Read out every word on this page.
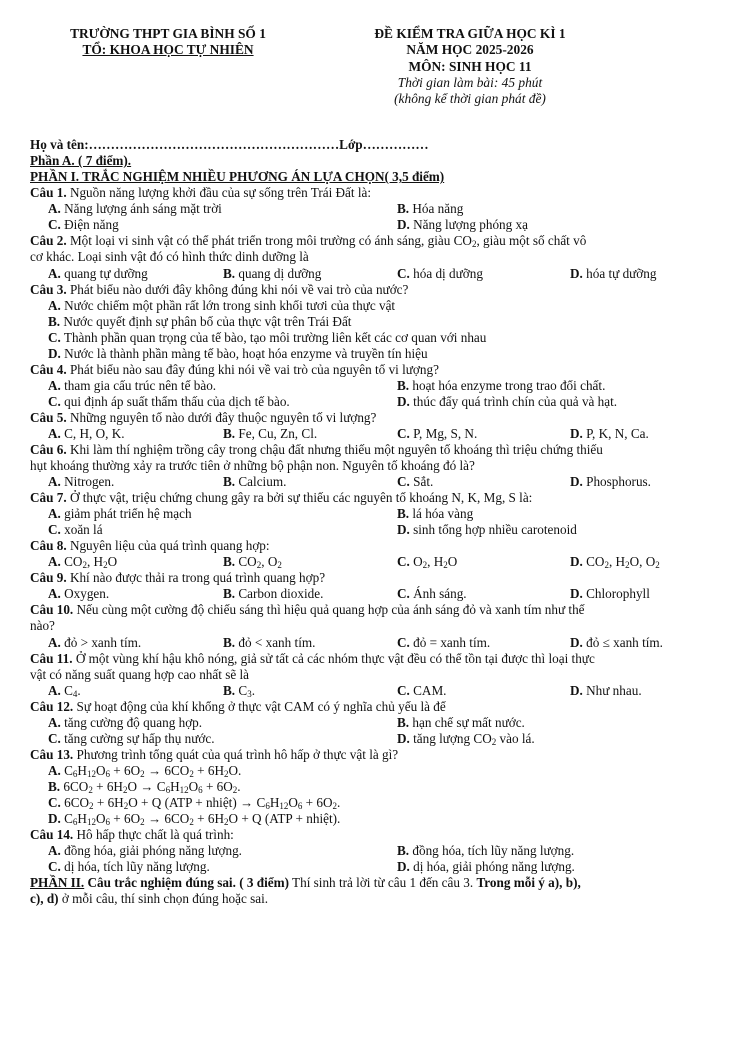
TRƯỜNG THPT GIA BÌNH SỐ 1
TỔ: KHOA HỌC TỰ NHIÊN
ĐỀ KIỂM TRA GIỮA HỌC KÌ 1
NĂM HỌC 2025-2026
MÔN: SINH HỌC 11
Thời gian làm bài: 45 phút
(không kể thời gian phát đề)
Họ và tên:…………………………………………………Lớp……………
Phần A. ( 7 điểm).
PHẦN I. TRẮC NGHIỆM NHIỀU PHƯƠNG ÁN LỰA CHỌN( 3,5 điểm)
Câu 1. Nguồn năng lượng khởi đầu của sự sống trên Trái Đất là:
A. Năng lượng ánh sáng mặt trời	B. Hóa năng
C. Điện năng	D. Năng lượng phóng xạ
Câu 2. Một loại vi sinh vật có thể phát triển trong môi trường có ánh sáng, giàu $CO_2$, giàu một số chất vô
cơ khác. Loại sinh vật đó có hình thức dinh dưỡng là
A. quang tự dưỡng	B. quang dị dưỡng	C. hóa dị dưỡng	D. hóa tự dưỡng
Câu 3. Phát biểu nào dưới đây không đúng khi nói về vai trò của nước?
A. Nước chiếm một phần rất lớn trong sinh khối tươi của thực vật
B. Nước quyết định sự phân bố của thực vật trên Trái Đất
C. Thành phần quan trọng của tế bào, tạo môi trường liên kết các cơ quan với nhau
D. Nước là thành phần màng tế bào, hoạt hóa enzyme và truyền tín hiệu
Câu 4. Phát biểu nào sau đây đúng khi nói về vai trò của nguyên tố vi lượng?
A. tham gia cấu trúc nên tế bào.	B. hoạt hóa enzyme trong trao đổi chất.
C. qui định áp suất thẩm thấu của dịch tế bào.	D. thúc đẩy quá trình chín của quả và hạt.
Câu 5. Những nguyên tố nào dưới đây thuộc nguyên tố vi lượng?
A. C, H, O, K.	B. Fe, Cu, Zn, Cl.	C. P, Mg, S, N.	D. P, K, N, Ca.
Câu 6. Khi làm thí nghiệm trồng cây trong chậu đất nhưng thiếu một nguyên tố khoáng thì triệu chứng thiếu
hụt khoáng thường xảy ra trước tiên ở những bộ phận non. Nguyên tố khoáng đó là?
A. Nitrogen.	B. Calcium.	C. Sắt.	D. Phosphorus.
Câu 7. Ở thực vật, triệu chứng chung gây ra bởi sự thiếu các nguyên tố khoáng N, K, Mg, S là:
A. giảm phát triển hệ mạch	B. lá hóa vàng
C. xoăn lá	D. sinh tổng hợp nhiều carotenoid
Câu 8. Nguyên liệu của quá trình quang hợp:
A. $CO_2$, $H_2O$	B. $CO_2$, $O_2$	C. $O_2$, $H_2O$	D. $CO_2$, $H_2O$, $O_2$
Câu 9. Khí nào được thải ra trong quá trình quang hợp?
A. Oxygen.	B. Carbon dioxide.	C. Ánh sáng.	D. Chlorophyll
Câu 10. Nếu cùng một cường độ chiếu sáng thì hiệu quả quang hợp của ánh sáng đỏ và xanh tím như thế
nào?
A. đỏ > xanh tím.	B. đỏ < xanh tím.	C. đỏ = xanh tím.	D. đỏ ≤ xanh tím.
Câu 11. Ở một vùng khí hậu khô nóng, giả sử tất cả các nhóm thực vật đều có thể tồn tại được thì loại thực
vật có năng suất quang hợp cao nhất sẽ là
A. $C_4$.	B. $C_3$.	C. CAM.	D. Như nhau.
Câu 12. Sự hoạt động của khí khổng ở thực vật CAM có ý nghĩa chủ yếu là để
A. tăng cường độ quang hợp.	B. hạn chế sự mất nước.
C. tăng cường sự hấp thụ nước.	D. tăng lượng $CO_2$ vào lá.
Câu 13. Phương trình tổng quát của quá trình hô hấp ở thực vật là gì?
A. $C_6H_{12}O_6 + 6O_2 \to 6CO_2 + 6H_2O$.
B. $6CO_2 + 6H_2O \to C_6H_{12}O_6 + 6O_2$.
C. $6CO_2 + 6H_2O + Q$ (ATP + nhiệt) → $C_6H_{12}O_6 + 6O_2$.
D. $C_6H_{12}O_6 + 6O_2 \to 6CO_2 + 6H_2O + Q$ (ATP + nhiệt).
Câu 14. Hô hấp thực chất là quá trình:
A. đồng hóa, giải phóng năng lượng.	B. đồng hóa, tích lũy năng lượng.
C. dị hóa, tích lũy năng lượng.	D. dị hóa, giải phóng năng lượng.
PHẦN II. Câu trắc nghiệm đúng sai. ( 3 điểm) Thí sinh trả lời từ câu 1 đến câu 3. Trong mỗi ý a), b),
c), d) ở mỗi câu, thí sinh chọn đúng hoặc sai.
